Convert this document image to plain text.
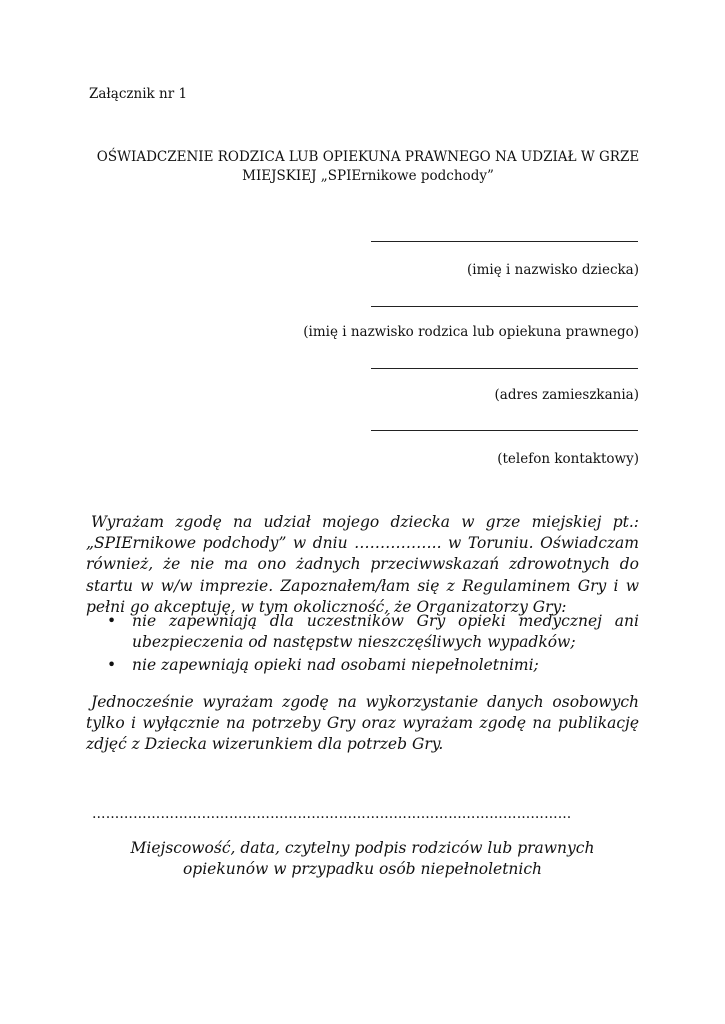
Załącznik nr 1
OŚWIADCZENIE RODZICA LUB OPIEKUNA PRAWNEGO NA UDZIAŁ W GRZE
MIEJSKIEJ „SPIErnikowe podchody”
(imię i nazwisko dziecka)
(imię i nazwisko rodzica lub opiekuna prawnego)
(adres zamieszkania)
(telefon kontaktowy)
Wyrażam zgodę na udział mojego dziecka w grze miejskiej pt.: „SPIErnikowe podchody” w dniu …………….. w Toruniu. Oświadczam również, że nie ma ono żadnych przeciwwskazań zdrowotnych do startu w w/w imprezie. Zapoznałem/łam się z Regulaminem Gry i w pełni go akceptuję, w tym okoliczność, że Organizatorzy Gry:
• nie zapewniają dla uczestników Gry opieki medycznej ani ubezpieczenia od następstw nieszczęśliwych wypadków;
• nie zapewniają opieki nad osobami niepełnoletnimi;
Jednocześnie wyrażam zgodę na wykorzystanie danych osobowych tylko i wyłącznie na potrzeby Gry oraz wyrażam zgodę na publikację zdjęć z Dziecka wizerunkiem dla potrzeb Gry.
……………………………………………………………………………………………
Miejscowość, data, czytelny podpis rodziców lub prawnych opiekunów w przypadku osób niepełnoletnich
